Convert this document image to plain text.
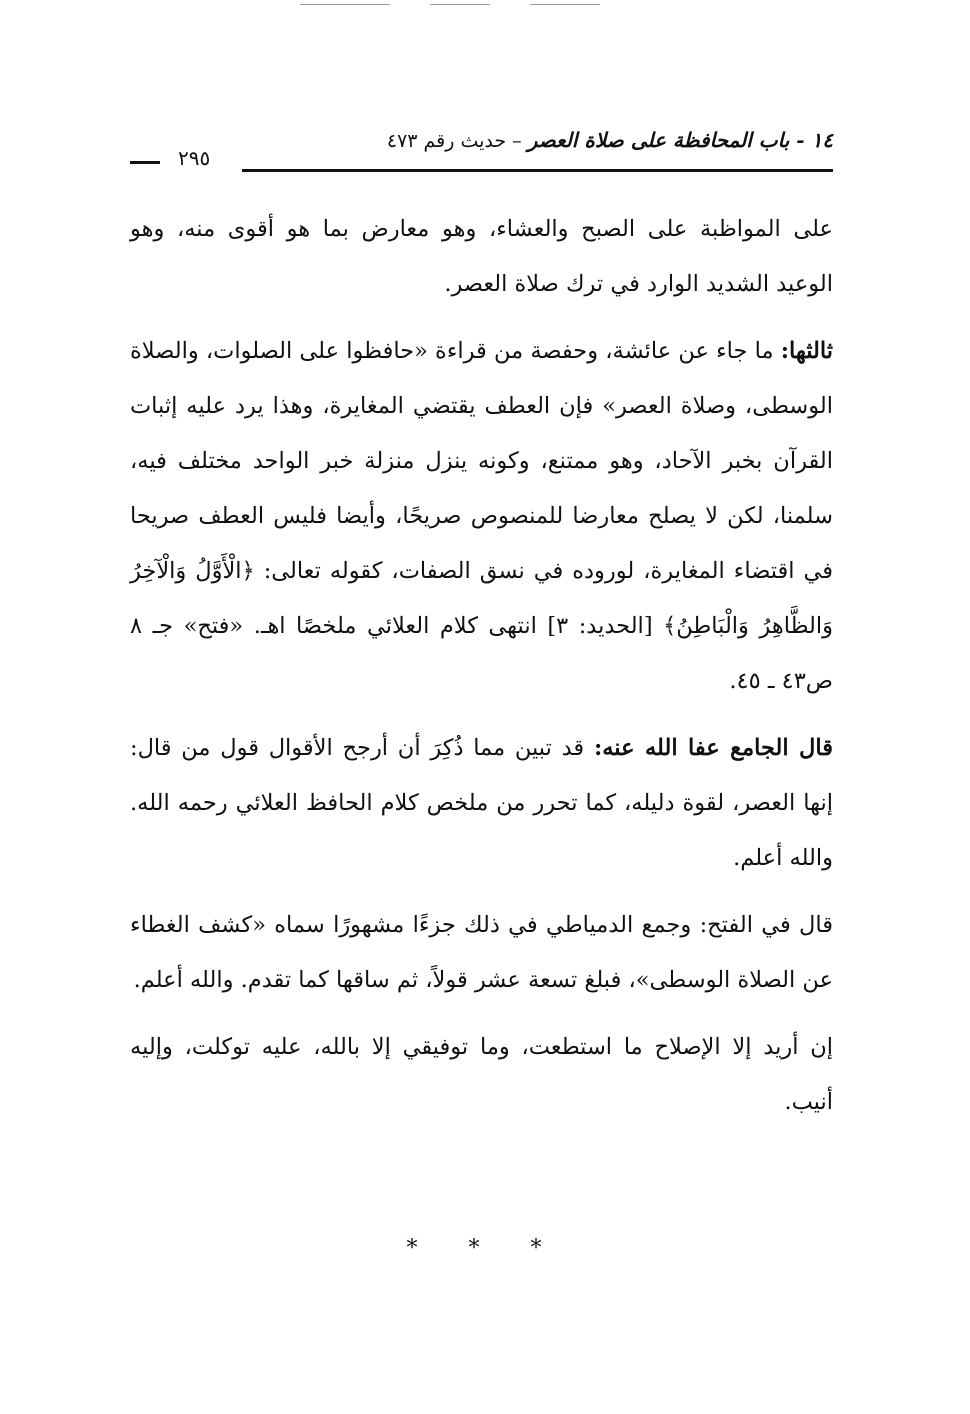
١٤ - باب المحافظة على صلاة العصر – حديث رقم ٤٧٣
٢٩٥

على المواظبة على الصبح والعشاء، وهو معارض بما هو أقوى منه، وهو الوعيد الشديد الوارد في ترك صلاة العصر.

ثالثها: ما جاء عن عائشة، وحفصة من قراءة «حافظوا على الصلوات، والصلاة الوسطى، وصلاة العصر» فإن العطف يقتضي المغايرة، وهذا يرد عليه إثبات القرآن بخبر الآحاد، وهو ممتنع، وكونه ينزل منزلة خبر الواحد مختلف فيه، سلمنا، لكن لا يصلح معارضا للمنصوص صريحًا، وأيضا فليس العطف صريحا في اقتضاء المغايرة، لوروده في نسق الصفات، كقوله تعالى: ﴿الْأَوَّلُ وَالْآخِرُ وَالظَّاهِرُ وَالْبَاطِنُ﴾ [الحديد: ٣] انتهى كلام العلائي ملخصًا اهـ. «فتح» جـ ٨ ص٤٣ ـ ٤٥.

قال الجامع عفا الله عنه: قد تبين مما ذُكِرَ أن أرجح الأقوال قول من قال: إنها العصر، لقوة دليله، كما تحرر من ملخص كلام الحافظ العلائي رحمه الله. والله أعلم.

قال في الفتح: وجمع الدمياطي في ذلك جزءًا مشهورًا سماه «كشف الغطاء عن الصلاة الوسطى»، فبلغ تسعة عشر قولاً، ثم ساقها كما تقدم. والله أعلم.

إن أريد إلا الإصلاح ما استطعت، وما توفيقي إلا بالله، عليه توكلت، وإليه أنيب.

* * *
